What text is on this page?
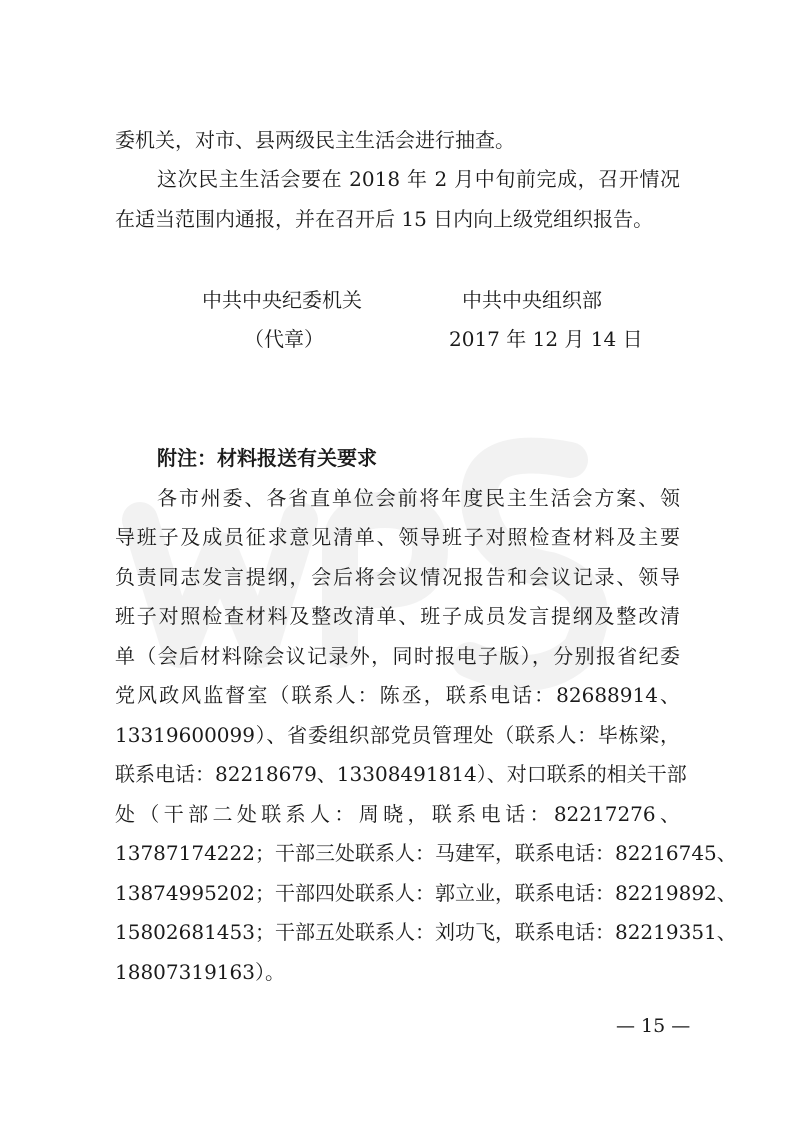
委机关，对市、县两级民主生活会进行抽查。
这次民主生活会要在 2018 年 2 月中旬前完成，召开情况
在适当范围内通报，并在召开后 15 日内向上级党组织报告。
中共中央纪委机关	中共中央组织部
（代章）	2017 年 12 月 14 日
附注：材料报送有关要求
各市州委、各省直单位会前将年度民主生活会方案、领
导班子及成员征求意见清单、领导班子对照检查材料及主要
负责同志发言提纲，会后将会议情况报告和会议记录、领导
班子对照检查材料及整改清单、班子成员发言提纲及整改清
单（会后材料除会议记录外，同时报电子版），分别报省纪委
党风政风监督室（联系人：陈丞，联系电话：82688914、
13319600099）、省委组织部党员管理处（联系人：毕栋梁，
联系电话：82218679、13308491814）、对口联系的相关干部
处（干部二处联系人：周晓，联系电话：82217276、
13787174222；干部三处联系人：马建军，联系电话：82216745、
13874995202；干部四处联系人：郭立业，联系电话：82219892、
15802681453；干部五处联系人：刘功飞，联系电话：82219351、
18807319163）。
— 15 —
